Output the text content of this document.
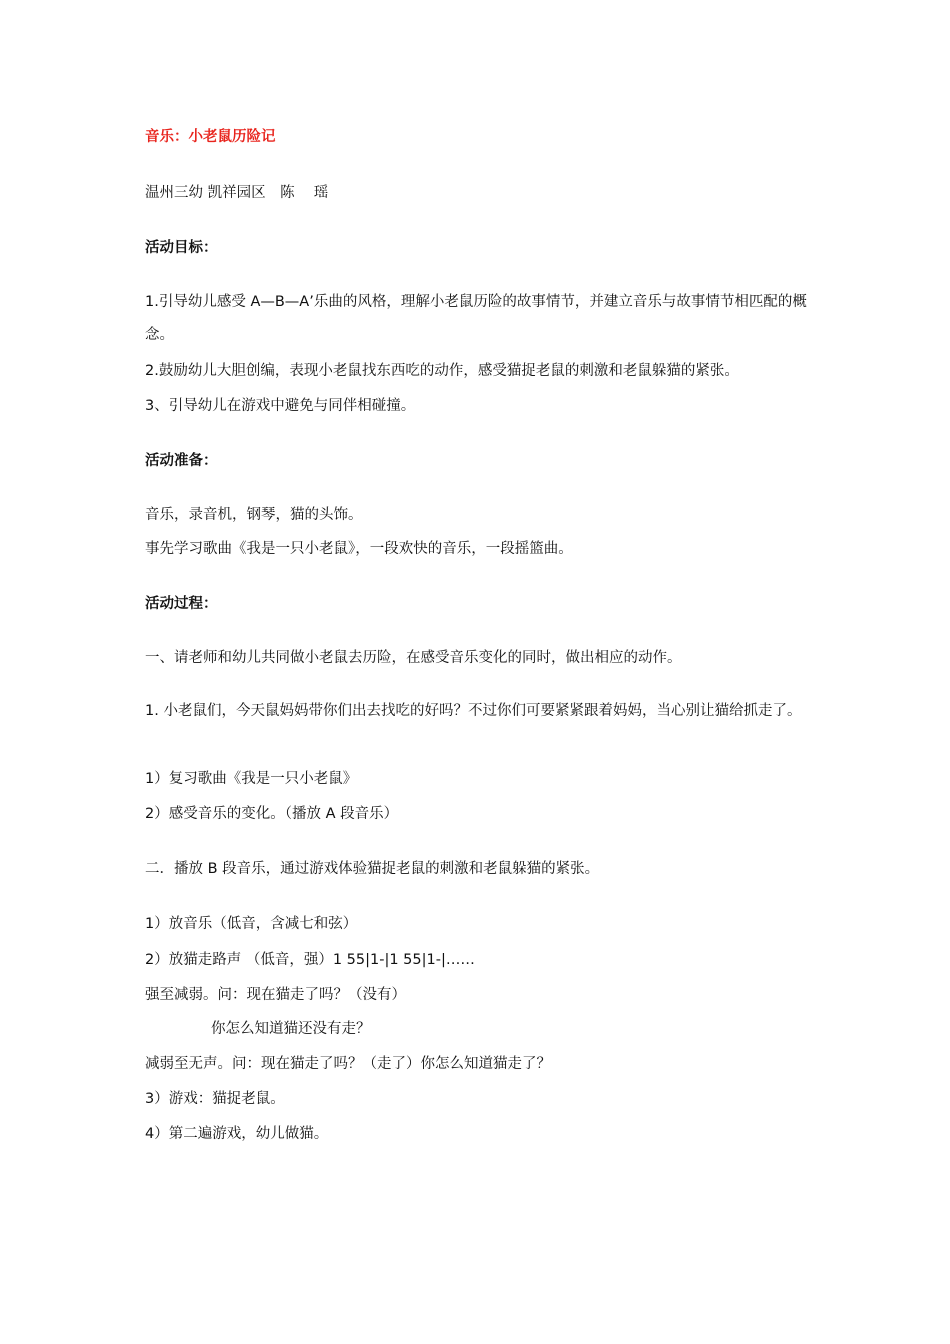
音乐：小老鼠历险记
温州三幼 凯祥园区　陈　 瑶
活动目标：
1.引导幼儿感受 A—B—A’乐曲的风格，理解小老鼠历险的故事情节，并建立音乐与故事情节相匹配的概念。
2.鼓励幼儿大胆创编，表现小老鼠找东西吃的动作，感受猫捉老鼠的刺激和老鼠躲猫的紧张。
3、引导幼儿在游戏中避免与同伴相碰撞。
活动准备：
音乐，录音机，钢琴，猫的头饰。
事先学习歌曲《我是一只小老鼠》，一段欢快的音乐，一段摇篮曲。
活动过程：
一、请老师和幼儿共同做小老鼠去历险，在感受音乐变化的同时，做出相应的动作。
1. 小老鼠们，今天鼠妈妈带你们出去找吃的好吗？不过你们可要紧紧跟着妈妈，当心别让猫给抓走了。
1）复习歌曲《我是一只小老鼠》
2）感受音乐的变化。（播放 A 段音乐）
二．播放 B 段音乐，通过游戏体验猫捉老鼠的刺激和老鼠躲猫的紧张。
1）放音乐（低音，含减七和弦）
2）放猫走路声 （低音，强）1 55|1-|1 55|1-|……
强至减弱。问：现在猫走了吗？（没有）
你怎么知道猫还没有走？
减弱至无声。问：现在猫走了吗？（走了）你怎么知道猫走了？
3）游戏：猫捉老鼠。
4）第二遍游戏，幼儿做猫。
